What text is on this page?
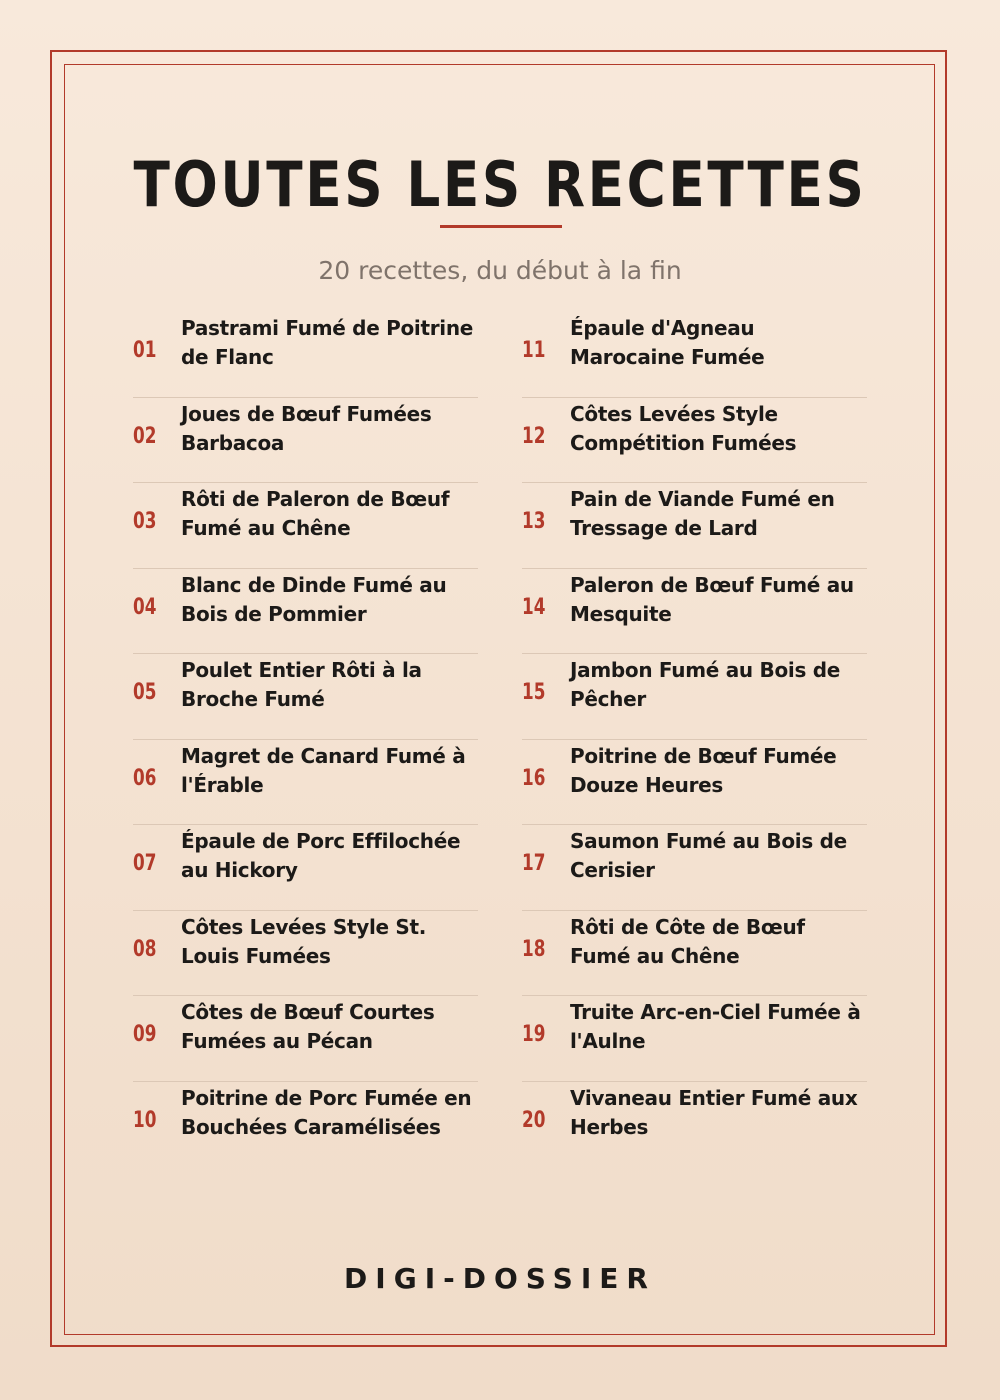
TOUTES LES RECETTES
20 recettes, du début à la fin
01
Pastrami Fumé de Poitrine de Flanc
02
Joues de Bœuf Fumées Barbacoa
03
Rôti de Paleron de Bœuf Fumé au Chêne
04
Blanc de Dinde Fumé au Bois de Pommier
05
Poulet Entier Rôti à la Broche Fumé
06
Magret de Canard Fumé à l'Érable
07
Épaule de Porc Effilochée au Hickory
08
Côtes Levées Style St. Louis Fumées
09
Côtes de Bœuf Courtes Fumées au Pécan
10
Poitrine de Porc Fumée en Bouchées Caramélisées
11
Épaule d'Agneau Marocaine Fumée
12
Côtes Levées Style Compétition Fumées
13
Pain de Viande Fumé en Tressage de Lard
14
Paleron de Bœuf Fumé au Mesquite
15
Jambon Fumé au Bois de Pêcher
16
Poitrine de Bœuf Fumée Douze Heures
17
Saumon Fumé au Bois de Cerisier
18
Rôti de Côte de Bœuf Fumé au Chêne
19
Truite Arc-en-Ciel Fumée à l'Aulne
20
Vivaneau Entier Fumé aux Herbes
DIGI-DOSSIER
